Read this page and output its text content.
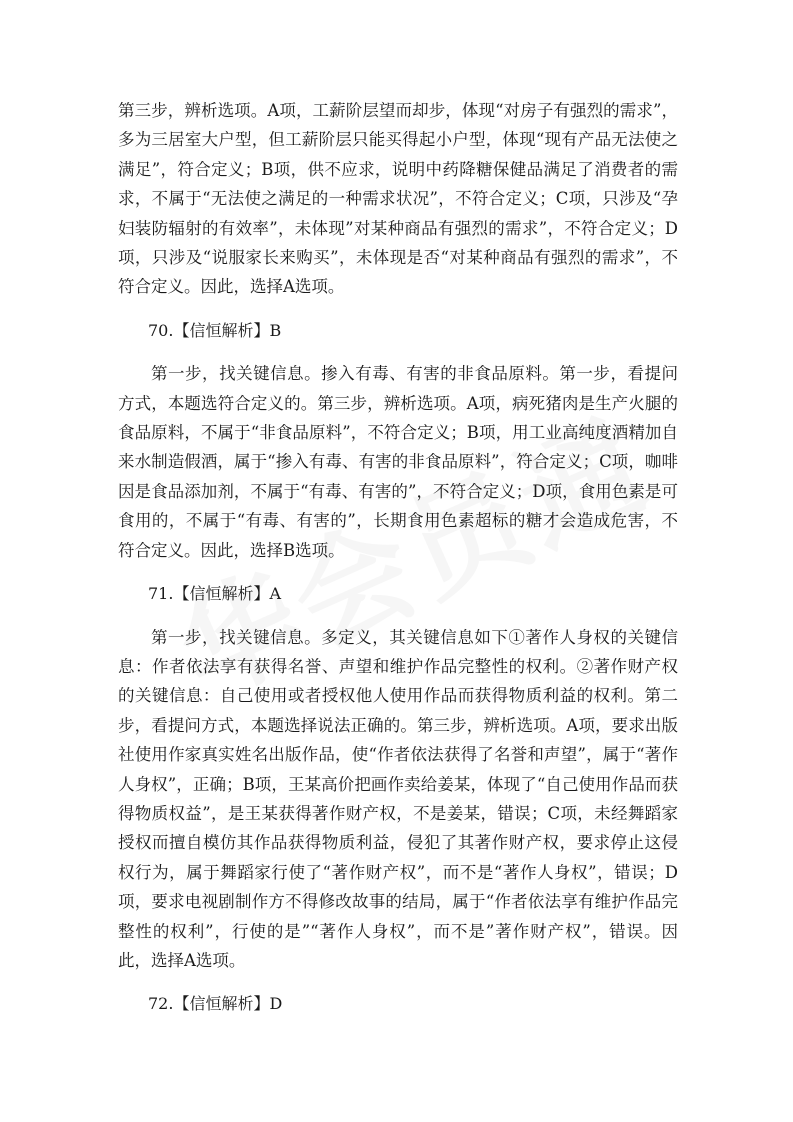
第三步，辨析选项。A项，工薪阶层望而却步，体现“对房子有强烈的需求”，多为三居室大户型，但工薪阶层只能买得起小户型，体现“现有产品无法使之满足”，符合定义；B项，供不应求，说明中药降糖保健品满足了消费者的需求，不属于“无法使之满足的一种需求状况”，不符合定义；C项，只涉及“孕妇装防辐射的有效率”，未体现”对某种商品有强烈的需求”，不符合定义；D项，只涉及“说服家长来购买”，未体现是否“对某种商品有强烈的需求”，不符合定义。因此，选择A选项。

70.【信恒解析】B

第一步，找关键信息。掺入有毒、有害的非食品原料。第一步，看提问方式，本题选符合定义的。第三步，辨析选项。A项，病死猪肉是生产火腿的食品原料，不属于“非食品原料”，不符合定义；B项，用工业高纯度酒精加自来水制造假酒，属于“掺入有毒、有害的非食品原料”，符合定义；C项，咖啡因是食品添加剂，不属于“有毒、有害的”，不符合定义；D项，食用色素是可食用的，不属于“有毒、有害的”，长期食用色素超标的糖才会造成危害，不符合定义。因此，选择B选项。

71.【信恒解析】A

第一步，找关键信息。多定义，其关键信息如下①著作人身权的关键信息：作者依法享有获得名誉、声望和维护作品完整性的权利。②著作财产权的关键信息：自己使用或者授权他人使用作品而获得物质利益的权利。第二步，看提问方式，本题选择说法正确的。第三步，辨析选项。A项，要求出版社使用作家真实姓名出版作品，使“作者依法获得了名誉和声望”，属于“著作人身权”，正确；B项，王某高价把画作卖给姜某，体现了“自己使用作品而获得物质权益”，是王某获得著作财产权，不是姜某，错误；C项，未经舞蹈家授权而擅自模仿其作品获得物质利益，侵犯了其著作财产权，要求停止这侵权行为，属于舞蹈家行使了“著作财产权”，而不是“著作人身权”，错误；D项，要求电视剧制作方不得修改故事的结局，属于“作者依法享有维护作品完整性的权利”，行使的是”“著作人身权”，而不是”著作财产权”，错误。因此，选择A选项。

72.【信恒解析】D
